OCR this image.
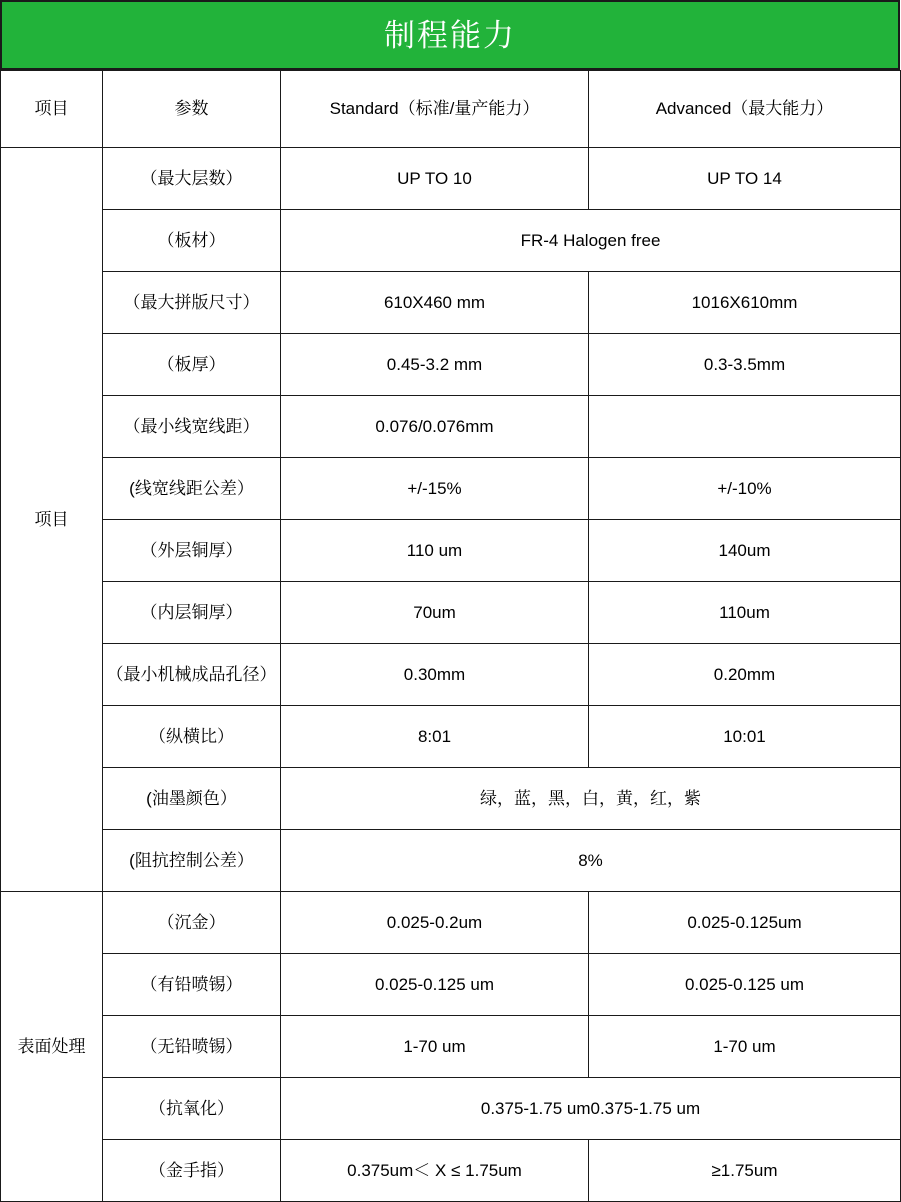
制程能力
项目	参数	Standard（标准/量产能力）	Advanced（最大能力）
项目	（最大层数）	UP TO 10	UP TO 14
	（板材）	FR-4 Halogen free	
	（最大拼版尺寸）	610X460 mm	1016X610mm
	（板厚）	0.45-3.2 mm	0.3-3.5mm
	（最小线宽线距）	0.076/0.076mm	
	(线宽线距公差）	+/-15%	+/-10%
	（外层铜厚）	110 um	140um
	（内层铜厚）	70um	110um
	（最小机械成品孔径）	0.30mm	0.20mm
	（纵横比）	8:01	10:01
	(油墨颜色）	绿，蓝，黑，白，黄，红，紫	
	(阻抗控制公差）	8%	
表面处理	（沉金）	0.025-0.2um	0.025-0.125um
	（有铅喷锡）	0.025-0.125 um	0.025-0.125 um
	（无铅喷锡）	1-70 um	1-70 um
	（抗氧化）	0.375-1.75 um0.375-1.75 um	
	（金手指）	0.375um＜ X ≤ 1.75um	≥1.75um
